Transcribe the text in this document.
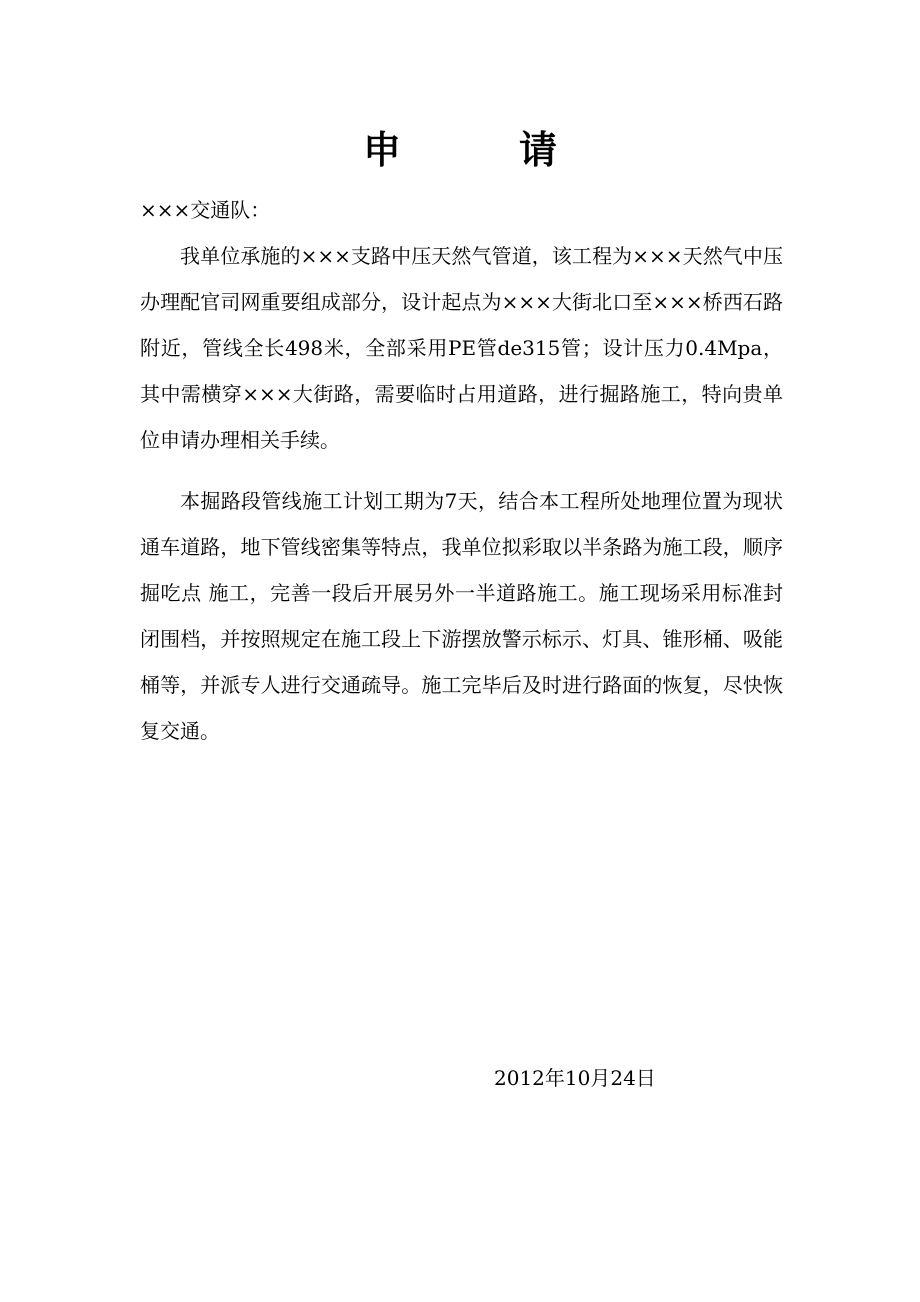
申　请
×××交通队：

我单位承施的×××支路中压天然气管道，该工程为×××天然气中压办理配官司网重要组成部分，设计起点为×××大街北口至×××桥西石路附近，管线全长498米，全部采用PE管de315管；设计压力0.4Mpa，其中需横穿×××大街路，需要临时占用道路，进行掘路施工，特向贵单位申请办理相关手续。

本掘路段管线施工计划工期为7天，结合本工程所处地理位置为现状通车道路，地下管线密集等特点，我单位拟彩取以半条路为施工段，顺序掘吃点 施工，完善一段后开展另外一半道路施工。施工现场采用标准封闭围档，并按照规定在施工段上下游摆放警示标示、灯具、锥形桶、吸能桶等，并派专人进行交通疏导。施工完毕后及时进行路面的恢复，尽快恢复交通。

2012年10月24日
